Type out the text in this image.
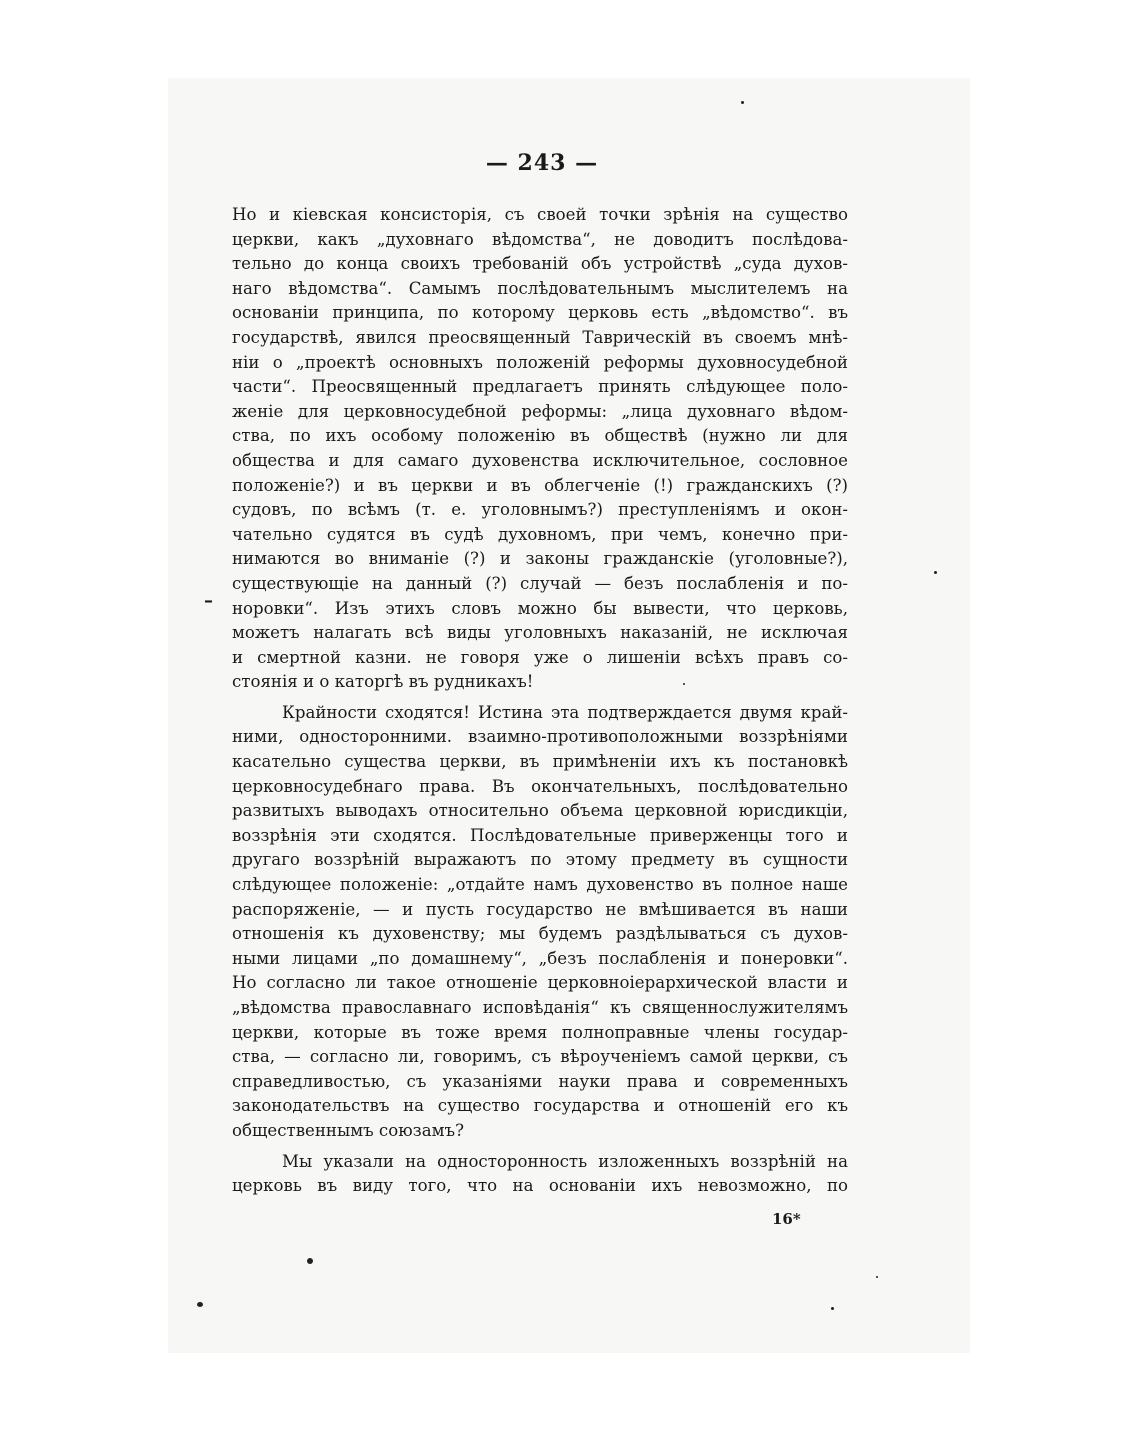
— 243 —
–
Но и кіевская консисторія, съ своей точки зрѣнія на существо
церкви, какъ „духовнаго вѣдомства“, не доводитъ послѣдова-
тельно до конца своихъ требованій объ устройствѣ „суда духов-
наго вѣдомства“. Самымъ послѣдовательнымъ мыслителемъ на
основаніи принципа, по которому церковь есть „вѣдомство“. въ
государствѣ, явился преосвященный Таврическій въ своемъ мнѣ-
ніи о „проектѣ основныхъ положеній реформы духовносудебной
части“. Преосвященный предлагаетъ принять слѣдующее поло-
женіе для церковносудебной реформы: „лица духовнаго вѣдом-
ства, по ихъ особому положенію въ обществѣ (нужно ли для
общества и для самаго духовенства исключительное, сословное
положеніе?) и въ церкви и въ облегченіе (!) гражданскихъ (?)
судовъ, по всѣмъ (т. е. уголовнымъ?) преступленіямъ и окон-
чательно судятся въ судѣ духовномъ, при чемъ, конечно при-
нимаются во вниманіе (?) и законы гражданскіе (уголовные?),
существующіе на данный (?) случай — безъ послабленія и по-
норовки“. Изъ этихъ словъ можно бы вывести, что церковь,
можетъ налагать всѣ виды уголовныхъ наказаній, не исключая
и смертной казни. не говоря уже о лишеніи всѣхъ правъ со-
стоянія и о каторгѣ въ рудникахъ!
Крайности сходятся! Истина эта подтверждается двумя край-
ними, односторонними. взаимно-противоположными воззрѣніями
касательно существа церкви, въ примѣненіи ихъ къ постановкѣ
церковносудебнаго права. Въ окончательныхъ, послѣдовательно
развитыхъ выводахъ относительно объема церковной юрисдикціи,
воззрѣнія эти сходятся. Послѣдовательные приверженцы того и
другаго воззрѣній выражаютъ по этому предмету въ сущности
слѣдующее положеніе: „отдайте намъ духовенство въ полное наше
распоряженіе, — и пусть государство не вмѣшивается въ наши
отношенія къ духовенству; мы будемъ раздѣлываться съ духов-
ными лицами „по домашнему“, „безъ послабленія и понеровки“.
Но согласно ли такое отношеніе церковноіерархической власти и
„вѣдомства православнаго исповѣданія“ къ священнослужителямъ
церкви, которые въ тоже время полноправные члены государ-
ства, — согласно ли, говоримъ, съ вѣроученіемъ самой церкви, съ
справедливостью, съ указаніями науки права и современныхъ
законодательствъ на существо государства и отношеній его къ
общественнымъ союзамъ?
Мы указали на односторонность изложенныхъ воззрѣній на
церковь въ виду того, что на основаніи ихъ невозможно, по
16*
